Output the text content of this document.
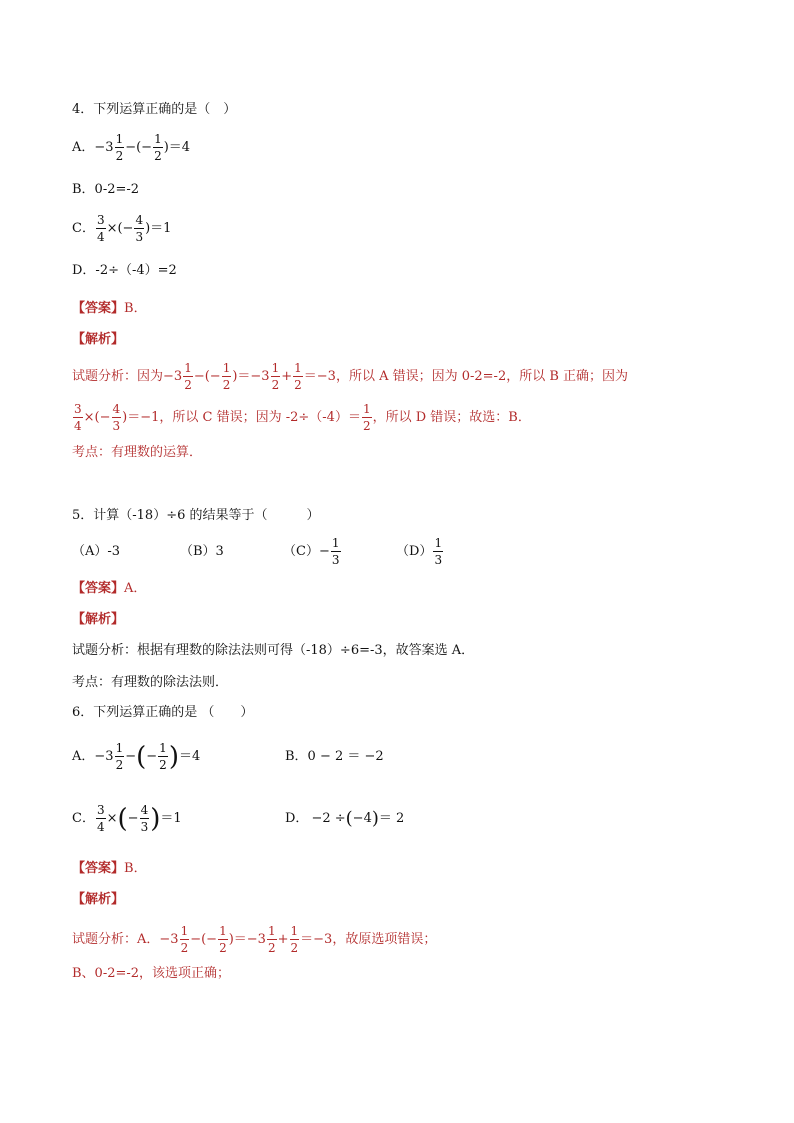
4．下列运算正确的是（　）
A． $-3 \frac{1}{2}$ −(− $\frac{1}{2} )=4$
B．0-2=-2
C． $\frac{3}{4}$ ×(− $\frac{4}{3} )=1$
D．-2÷（-4）=2
【答案】 B．
【解析】
试题分析：因为 $-3 \frac{1}{2}$ −(− $\frac{1}{2} )=-3 \frac{1}{2} + \frac{1}{2} =-3$ ，所以 A 错误；因为 0-2=-2，所以 B 正确；因为
$\frac{3}{4}$ ×(− $\frac{4}{3} )=-1$ ，所以 C 错误；因为 $-2\div(-4)= \frac{1}{2}$ ，所以 D 错误；故选：B．
考点：有理数的运算．
5．计算（-18）÷6 的结果等于（　　　）
（A）-3	（B）3	$(C) - \frac{1}{3}$	$(D) \frac{1}{3}$
【答案】 A．
【解析】
试题分析：根据有理数的除法法则可得（-18）÷6=-3，故答案选 A．
考点：有理数的除法法则．
6．下列运算正确的是 （　　）
A． $-3 \frac{1}{2}$ − ( − $\frac{1}{2}$ ) ＝4	B．0 − 2 ＝ −2
C． $\frac{3}{4}$ × ( − $\frac{4}{3}$ ) ＝1	D． −2 ÷ ( −4 ) ＝ 2
【答案】 B．
【解析】
试题分析：A． $-3 \frac{1}{2}$ −(− $\frac{1}{2} )=-3 \frac{1}{2} + \frac{1}{2} =-3$ ，故原选项错误；
B、0-2=-2，该选项正确；
